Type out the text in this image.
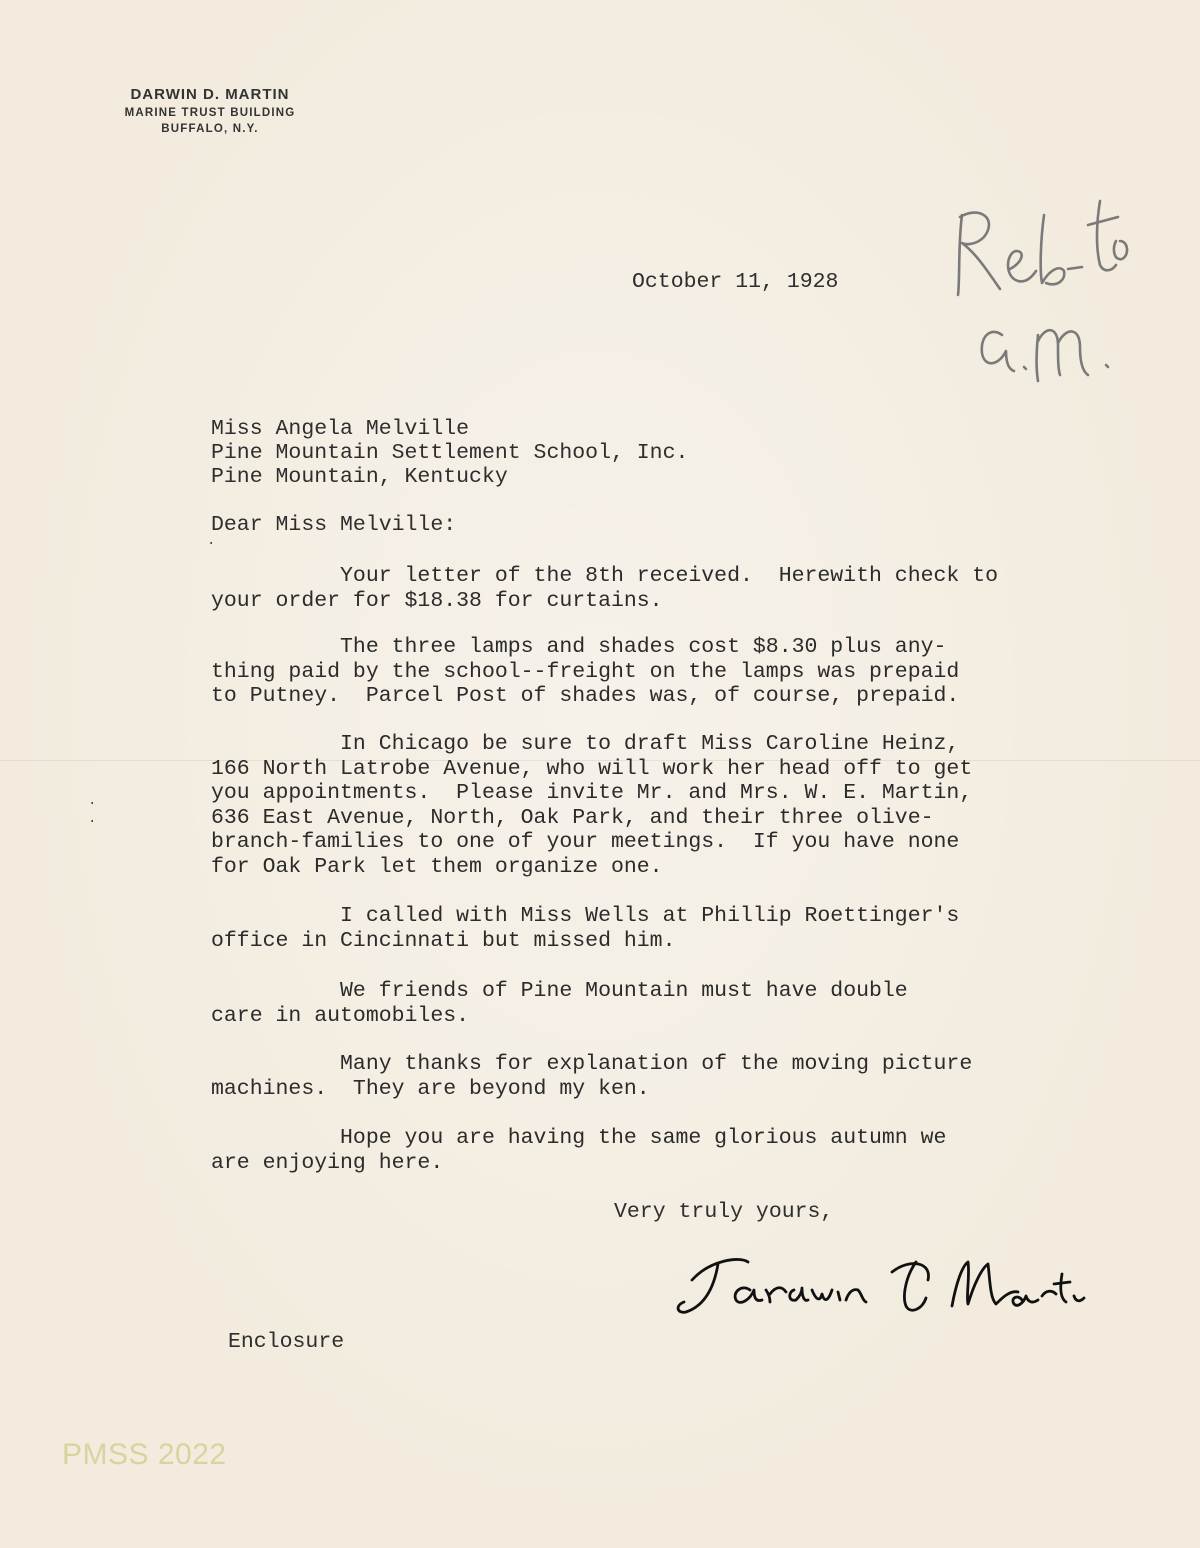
DARWIN D. MARTIN
MARINE TRUST BUILDING
BUFFALO, N.Y.
October 11, 1928
Miss Angela Melville
Pine Mountain Settlement School, Inc.
Pine Mountain, Kentucky
Dear Miss Melville:
Your letter of the 8th received.  Herewith check to
your order for $18.38 for curtains.
The three lamps and shades cost $8.30 plus any-
thing paid by the school--freight on the lamps was prepaid
to Putney.  Parcel Post of shades was, of course, prepaid.
In Chicago be sure to draft Miss Caroline Heinz,
166 North Latrobe Avenue, who will work her head off to get
you appointments.  Please invite Mr. and Mrs. W. E. Martin,
636 East Avenue, North, Oak Park, and their three olive-
branch-families to one of your meetings.  If you have none
for Oak Park let them organize one.
I called with Miss Wells at Phillip Roettinger's
office in Cincinnati but missed him.
We friends of Pine Mountain must have double
care in automobiles.
Many thanks for explanation of the moving picture
machines.  They are beyond my ken.
Hope you are having the same glorious autumn we
are enjoying here.
Very truly yours,
Enclosure
·
·
·
PMSS 2022
